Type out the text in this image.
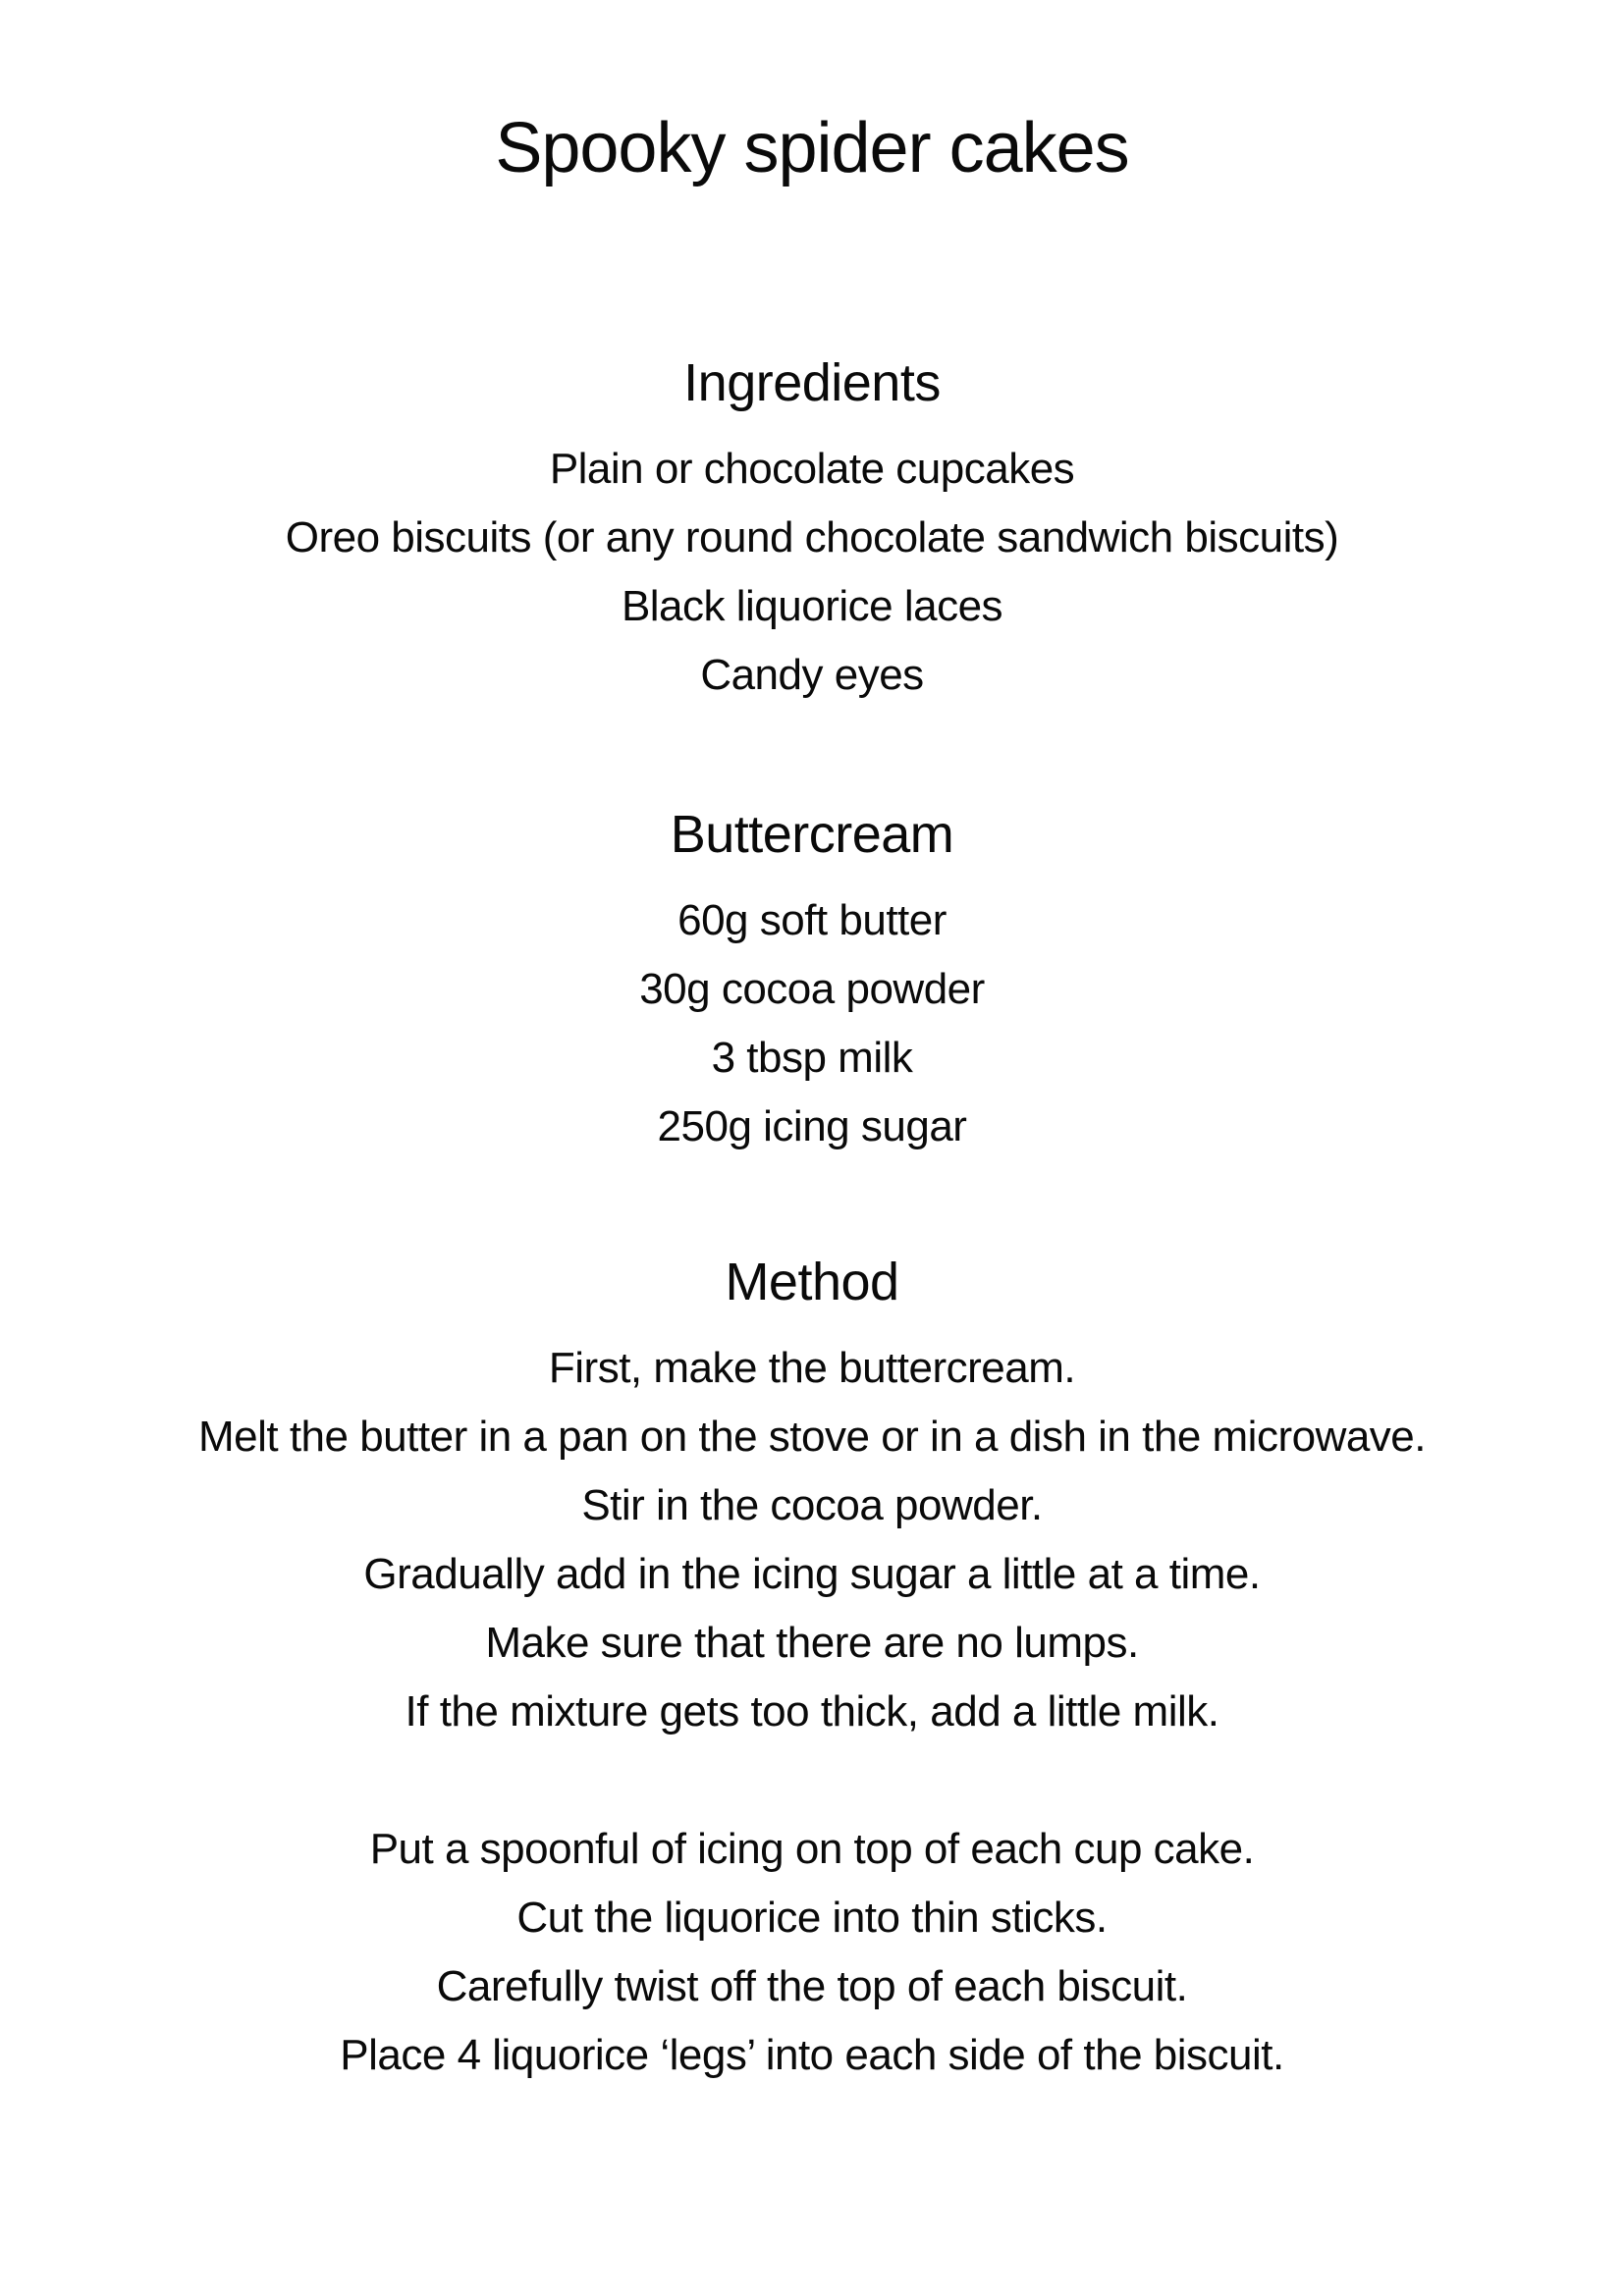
Spooky spider cakes
Ingredients
Plain or chocolate cupcakes
Oreo biscuits (or any round chocolate sandwich biscuits)
Black liquorice laces
Candy eyes
Buttercream
60g soft butter
30g cocoa powder
3 tbsp milk
250g icing sugar
Method
First, make the buttercream.
Melt the butter in a pan on the stove or in a dish in the microwave.
Stir in the cocoa powder.
Gradually add in the icing sugar a little at a time.
Make sure that there are no lumps.
If the mixture gets too thick, add a little milk.
Put a spoonful of icing on top of each cup cake.
Cut the liquorice into thin sticks.
Carefully twist off the top of each biscuit.
Place 4 liquorice ‘legs’ into each side of the biscuit.
